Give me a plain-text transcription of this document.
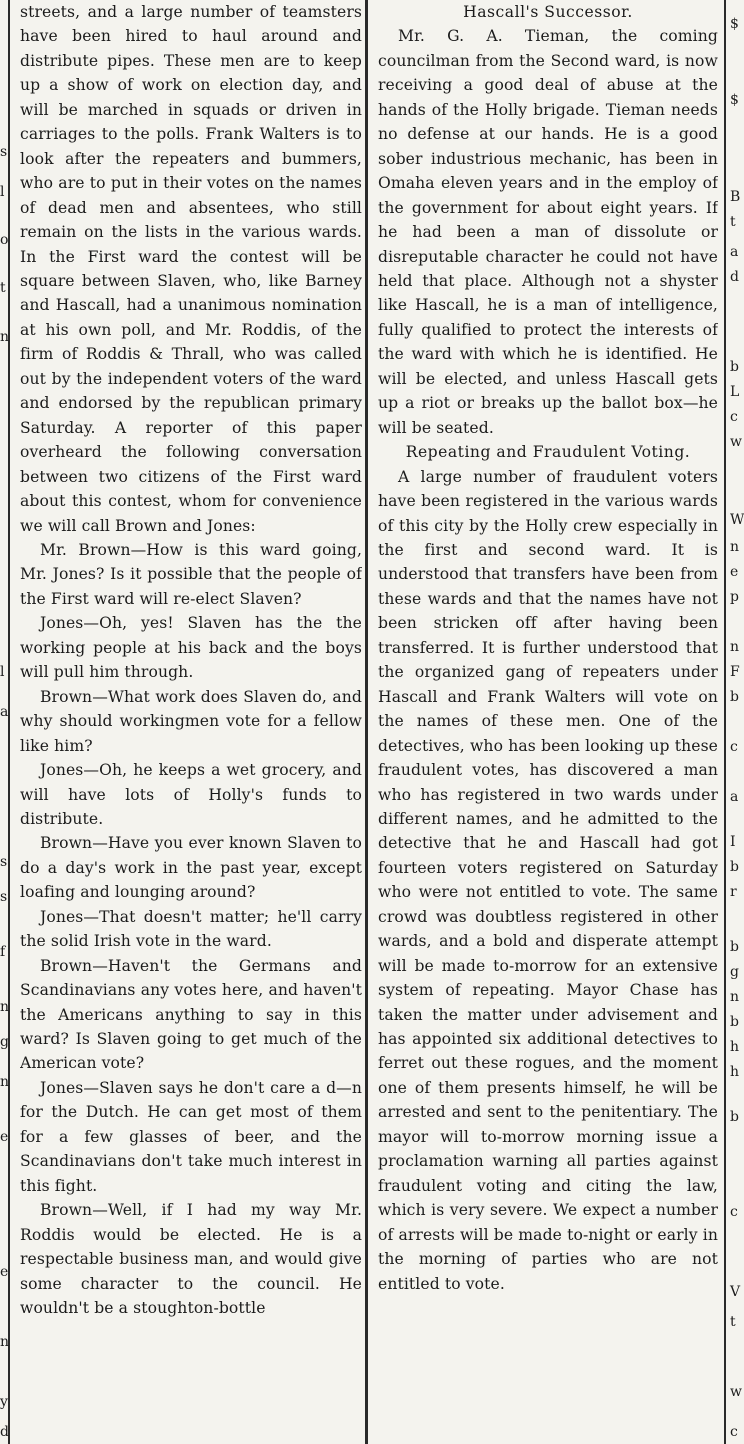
streets, and a large number of teamsters have been hired to haul around and distribute pipes. These men are to keep up a show of work on election day, and will be marched in squads or driven in carriages to the polls. Frank Walters is to look after the repeaters and bummers, who are to put in their votes on the names of dead men and absentees, who still remain on the lists in the various wards. In the First ward the contest will be square between Slaven, who, like Barney and Hascall, had a unanimous nomination at his own poll, and Mr. Roddis, of the firm of Roddis & Thrall, who was called out by the independent voters of the ward and endorsed by the republican primary Saturday. A reporter of this paper overheard the following conversation between two citizens of the First ward about this contest, whom for convenience we will call Brown and Jones:

Mr. Brown—How is this ward going, Mr. Jones? Is it possible that the people of the First ward will re-elect Slaven?

Jones—Oh, yes! Slaven has the the working people at his back and the boys will pull him through.

Brown—What work does Slaven do, and why should workingmen vote for a fellow like him?

Jones—Oh, he keeps a wet grocery, and will have lots of Holly's funds to distribute.

Brown—Have you ever known Slaven to do a day's work in the past year, except loafing and lounging around?

Jones—That doesn't matter; he'll carry the solid Irish vote in the ward.

Brown—Haven't the Germans and Scandinavians any votes here, and haven't the Americans anything to say in this ward? Is Slaven going to get much of the American vote?

Jones—Slaven says he don't care a d—n for the Dutch. He can get most of them for a few glasses of beer, and the Scandinavians don't take much interest in this fight.

Brown—Well, if I had my way Mr. Roddis would be elected. He is a respectable business man, and would give some character to the council. He wouldn't be a stoughton-bottle

Hascall's Successor.

Mr. G. A. Tieman, the coming councilman from the Second ward, is now receiving a good deal of abuse at the hands of the Holly brigade. Tieman needs no defense at our hands. He is a good sober industrious mechanic, has been in Omaha eleven years and in the employ of the government for about eight years. If he had been a man of dissolute or disreputable character he could not have held that place. Although not a shyster like Hascall, he is a man of intelligence, fully qualified to protect the interests of the ward with which he is identified. He will be elected, and unless Hascall gets up a riot or breaks up the ballot box—he will be seated.

Repeating and Fraudulent Voting.

A large number of fraudulent voters have been registered in the various wards of this city by the Holly crew especially in the first and second ward. It is understood that transfers have been from these wards and that the names have not been stricken off after having been transferred. It is further understood that the organized gang of repeaters under Hascall and Frank Walters will vote on the names of these men. One of the detectives, who has been looking up these fraudulent votes, has discovered a man who has registered in two wards under different names, and he admitted to the detective that he and Hascall had got fourteen voters registered on Saturday who were not entitled to vote. The same crowd was doubtless registered in other wards, and a bold and disperate attempt will be made to-morrow for an extensive system of repeating. Mayor Chase has taken the matter under advisement and has appointed six additional detectives to ferret out these rogues, and the moment one of them presents himself, he will be arrested and sent to the penitentiary. The mayor will to-morrow morning issue a proclamation warning all parties against fraudulent voting and citing the law, which is very severe. We expect a number of arrests will be made to-night or early in the morning of parties who are not entitled to vote.

s
l
o
t
n
l
a
s
s
f
n
g
n
e
e
n
y
d
$
$
B
t
a
d
b
L
c
w
W
n
e
p
n
F
b
c
a
I
b
r
b
g
n
b
h
h
b
c
V
t
w
c
